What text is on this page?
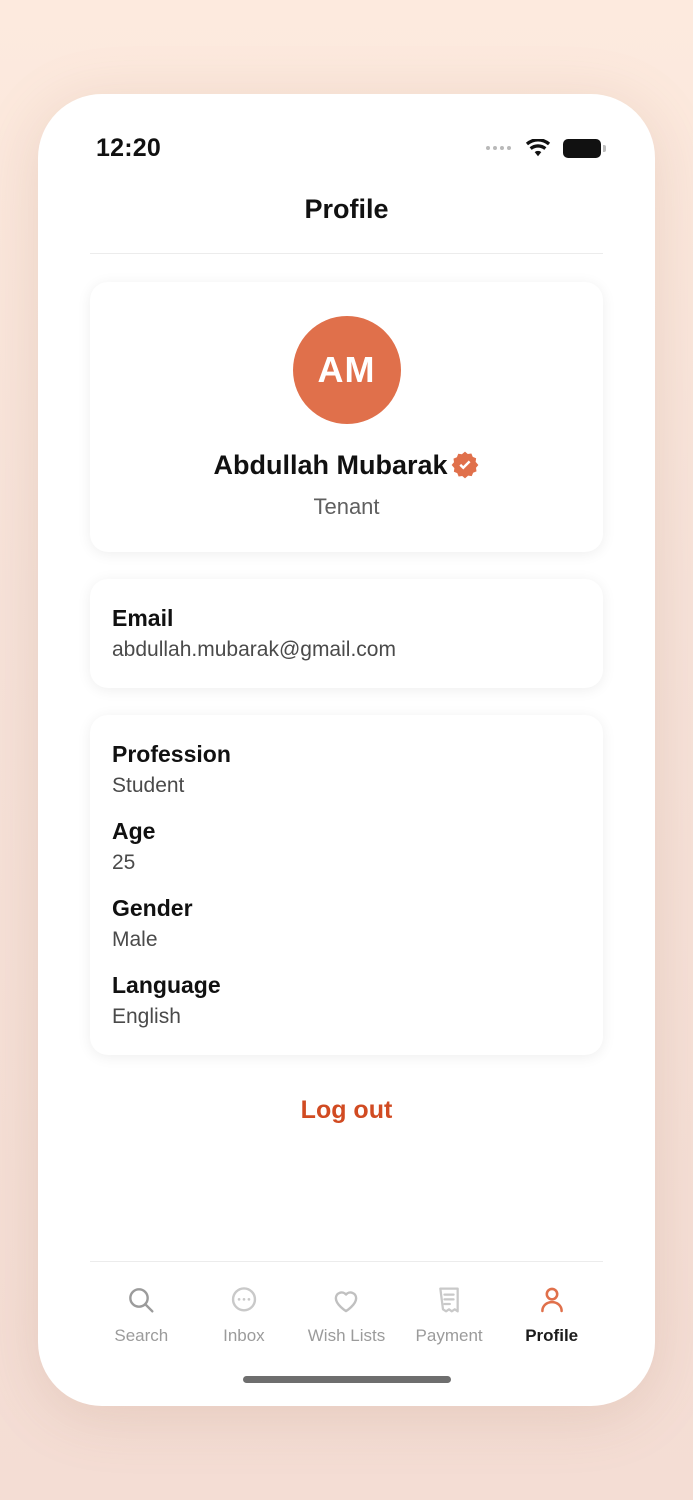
12:20
Profile
AM
Abdullah Mubarak
Tenant
Email
abdullah.mubarak@gmail.com
Profession
Student
Age
25
Gender
Male
Language
English
Log out
Search	Inbox	Wish Lists	Payment	Profile
